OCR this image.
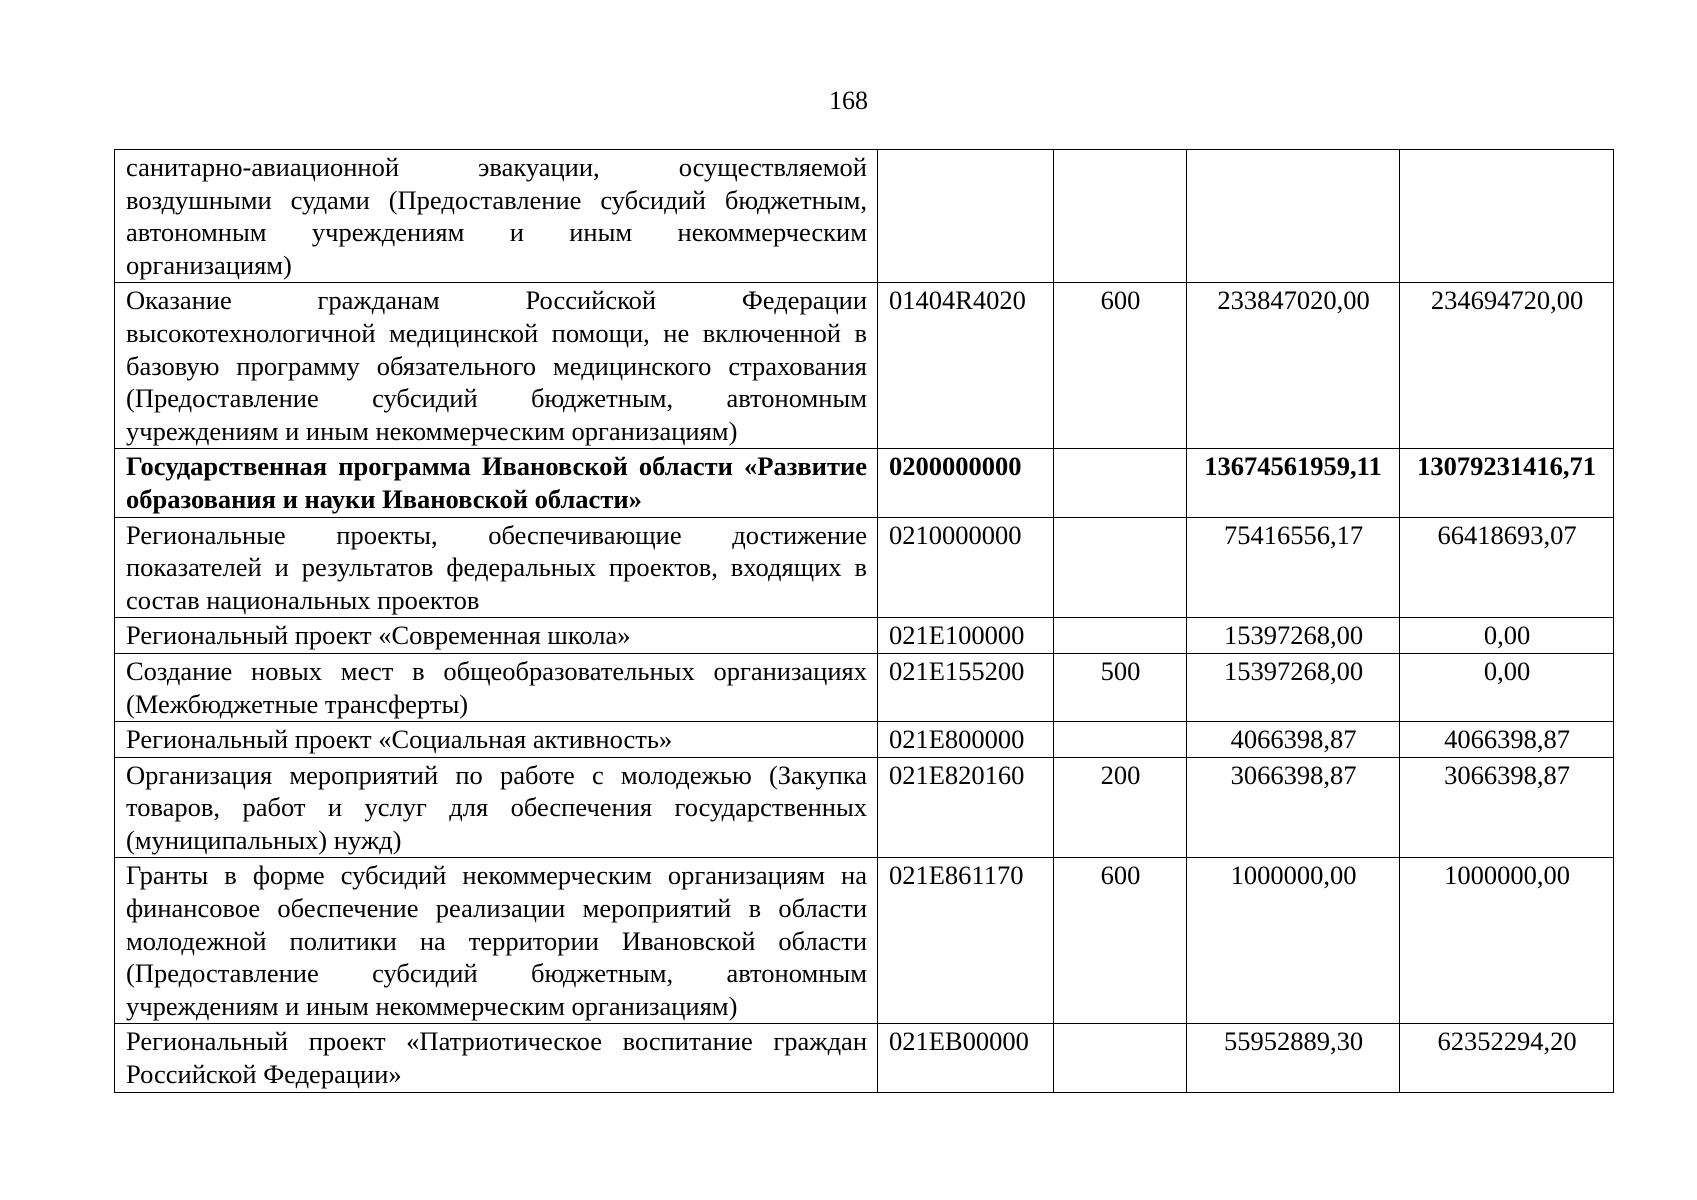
168
санитарно-авиационной эвакуации, осуществляемой воздушными судами (Предоставление субсидий бюджетным, автономным учреждениям и иным некоммерческим организациям)				
Оказание гражданам Российской Федерации высокотехнологичной медицинской помощи, не включенной в базовую программу обязательного медицинского страхования (Предоставление субсидий бюджетным, автономным учреждениям и иным некоммерческим организациям)	01404R4020	600	233847020,00	234694720,00
Государственная программа Ивановской области «Развитие образования и науки Ивановской области»	0200000000		13674561959,11	13079231416,71
Региональные проекты, обеспечивающие достижение показателей и результатов федеральных проектов, входящих в состав национальных проектов	0210000000		75416556,17	66418693,07
Региональный проект «Современная школа»	021E100000		15397268,00	0,00
Создание новых мест в общеобразовательных организациях (Межбюджетные трансферты)	021E155200	500	15397268,00	0,00
Региональный проект «Социальная активность»	021E800000		4066398,87	4066398,87
Организация мероприятий по работе с молодежью (Закупка товаров, работ и услуг для обеспечения государственных (муниципальных) нужд)	021E820160	200	3066398,87	3066398,87
Гранты в форме субсидий некоммерческим организациям на финансовое обеспечение реализации мероприятий в области молодежной политики на территории Ивановской области (Предоставление субсидий бюджетным, автономным учреждениям и иным некоммерческим организациям)	021E861170	600	1000000,00	1000000,00
Региональный проект «Патриотическое воспитание граждан Российской Федерации»	021EB00000		55952889,30	62352294,20
